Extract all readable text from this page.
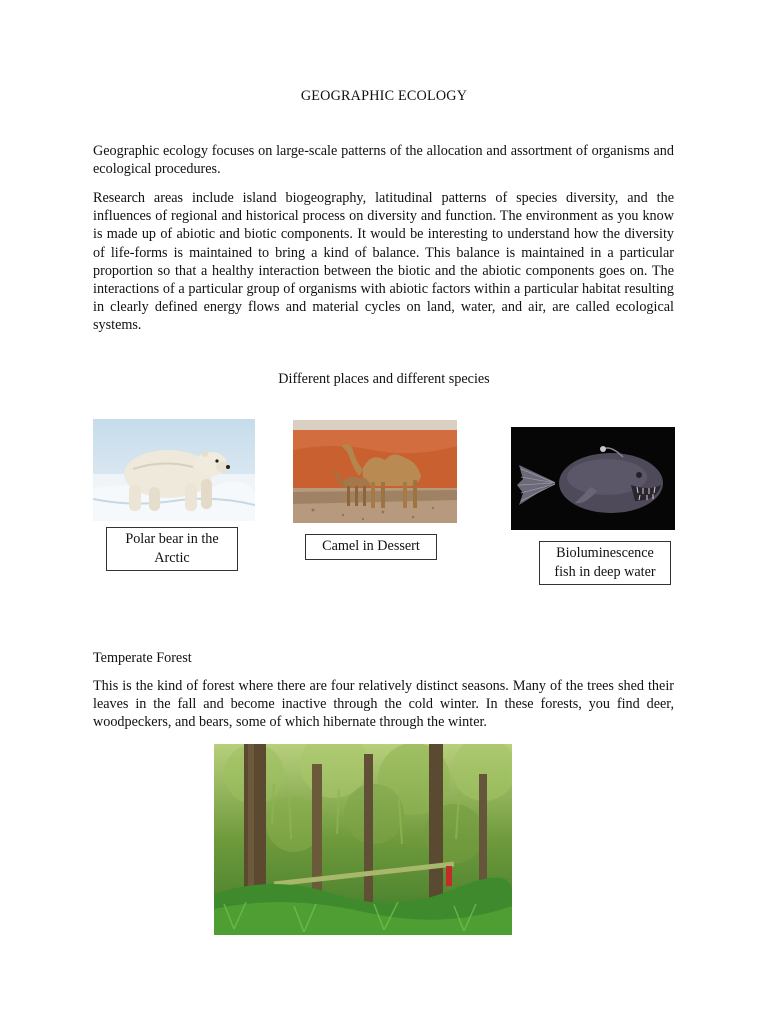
GEOGRAPHIC ECOLOGY

Geographic ecology focuses on large-scale patterns of the allocation and assortment of organisms and ecological procedures.

Research areas include island biogeography, latitudinal patterns of species diversity, and the influences of regional and historical process on diversity and function. The environment as you know is made up of abiotic and biotic components. It would be interesting to understand how the diversity of life-forms is maintained to bring a kind of balance. This balance is maintained in a particular proportion so that a healthy interaction between the biotic and the abiotic components goes on. The interactions of a particular group of organisms with abiotic factors within a particular habitat resulting in clearly defined energy flows and material cycles on land, water, and air, are called ecological systems.

Different places and different species
Polar bear in the
Arctic
Camel in Dessert	Bioluminescence
fish in deep water
Temperate Forest

This is the kind of forest where there are four relatively distinct seasons. Many of the trees shed their leaves in the fall and become inactive through the cold winter. In these forests, you find deer, woodpeckers, and bears, some of which hibernate through the winter.
